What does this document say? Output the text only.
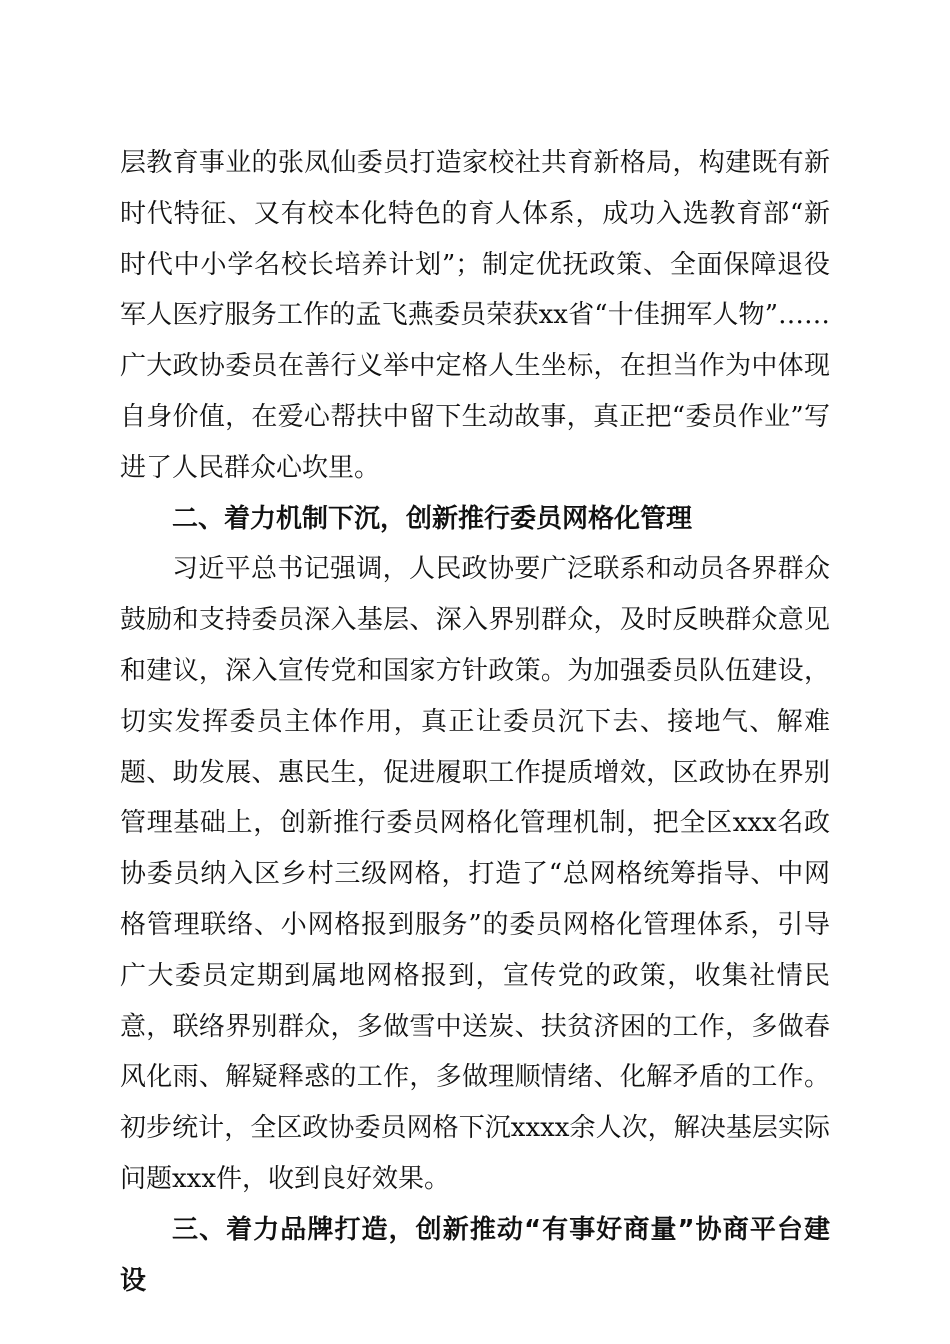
层教育事业的张凤仙委员打造家校社共育新格局，构建既有新时代特征、又有校本化特色的育人体系，成功入选教育部“新时代中小学名校长培养计划”；制定优抚政策、全面保障退役军人医疗服务工作的孟飞燕委员荣获xx省“十佳拥军人物”……广大政协委员在善行义举中定格人生坐标，在担当作为中体现自身价值，在爱心帮扶中留下生动故事，真正把“委员作业”写进了人民群众心坎里。

二、着力机制下沉，创新推行委员网格化管理

习近平总书记强调，人民政协要广泛联系和动员各界群众鼓励和支持委员深入基层、深入界别群众，及时反映群众意见和建议，深入宣传党和国家方针政策。为加强委员队伍建设，切实发挥委员主体作用，真正让委员沉下去、接地气、解难题、助发展、惠民生，促进履职工作提质增效，区政协在界别管理基础上，创新推行委员网格化管理机制，把全区xxx名政协委员纳入区乡村三级网格，打造了“总网格统筹指导、中网格管理联络、小网格报到服务”的委员网格化管理体系，引导广大委员定期到属地网格报到，宣传党的政策，收集社情民意，联络界别群众，多做雪中送炭、扶贫济困的工作，多做春风化雨、解疑释惑的工作，多做理顺情绪、化解矛盾的工作。初步统计，全区政协委员网格下沉xxxx余人次，解决基层实际问题xxx件，收到良好效果。

三、着力品牌打造，创新推动“有事好商量”协商平台建设
